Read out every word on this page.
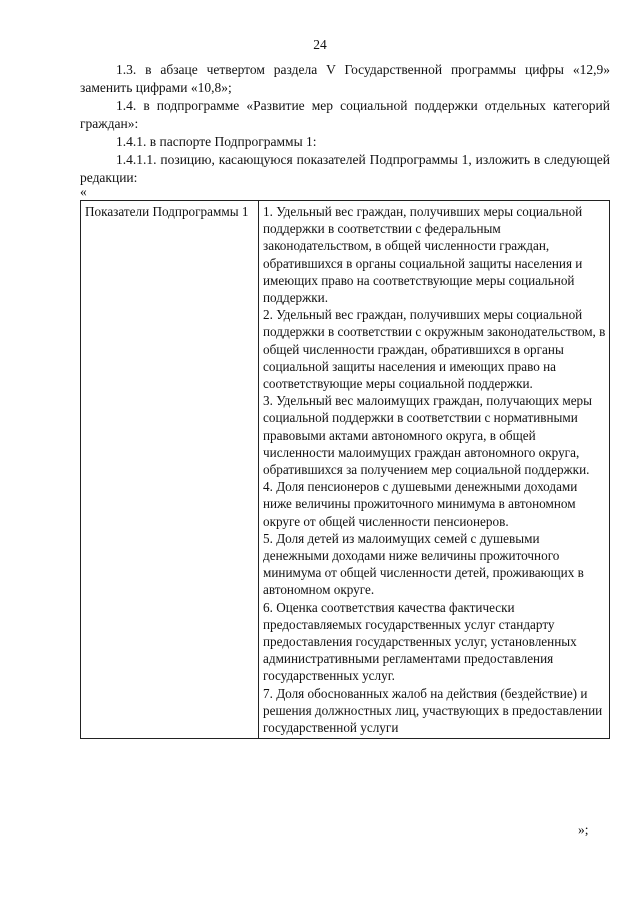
24

1.3. в абзаце четвертом раздела V Государственной программы цифры «12,9» заменить цифрами «10,8»;

1.4. в подпрограмме «Развитие мер социальной поддержки отдельных категорий граждан»:

1.4.1. в паспорте Подпрограммы 1:

1.4.1.1. позицию, касающуюся показателей Подпрограммы 1, изложить в следующей редакции:

«
Показатели Подпрограммы 1	1. Удельный вес граждан, получивших меры социальной поддержки в соответствии с федеральным законодательством, в общей численности граждан, обратившихся в органы социальной защиты населения и имеющих право на соответствующие меры социальной поддержки.
2. Удельный вес граждан, получивших меры социальной поддержки в соответствии с окружным законодательством, в общей численности граждан, обратившихся в органы социальной защиты населения и имеющих право на соответствующие меры социальной поддержки.
3. Удельный вес малоимущих граждан, получающих меры социальной поддержки в соответствии с нормативными правовыми актами автономного округа, в общей численности малоимущих граждан автономного округа, обратившихся за получением мер социальной поддержки.
4. Доля пенсионеров с душевыми денежными доходами ниже величины прожиточного минимума в автономном округе от общей численности пенсионеров.
5. Доля детей из малоимущих семей с душевыми денежными доходами ниже величины прожиточного минимума от общей численности детей, проживающих в автономном округе.
6. Оценка соответствия качества фактически предоставляемых государственных услуг стандарту предоставления государственных услуг, установленных административными регламентами предоставления государственных услуг.
7. Доля обоснованных жалоб на действия (бездействие) и решения должностных лиц, участвующих в предоставлении государственной услуги
»;
